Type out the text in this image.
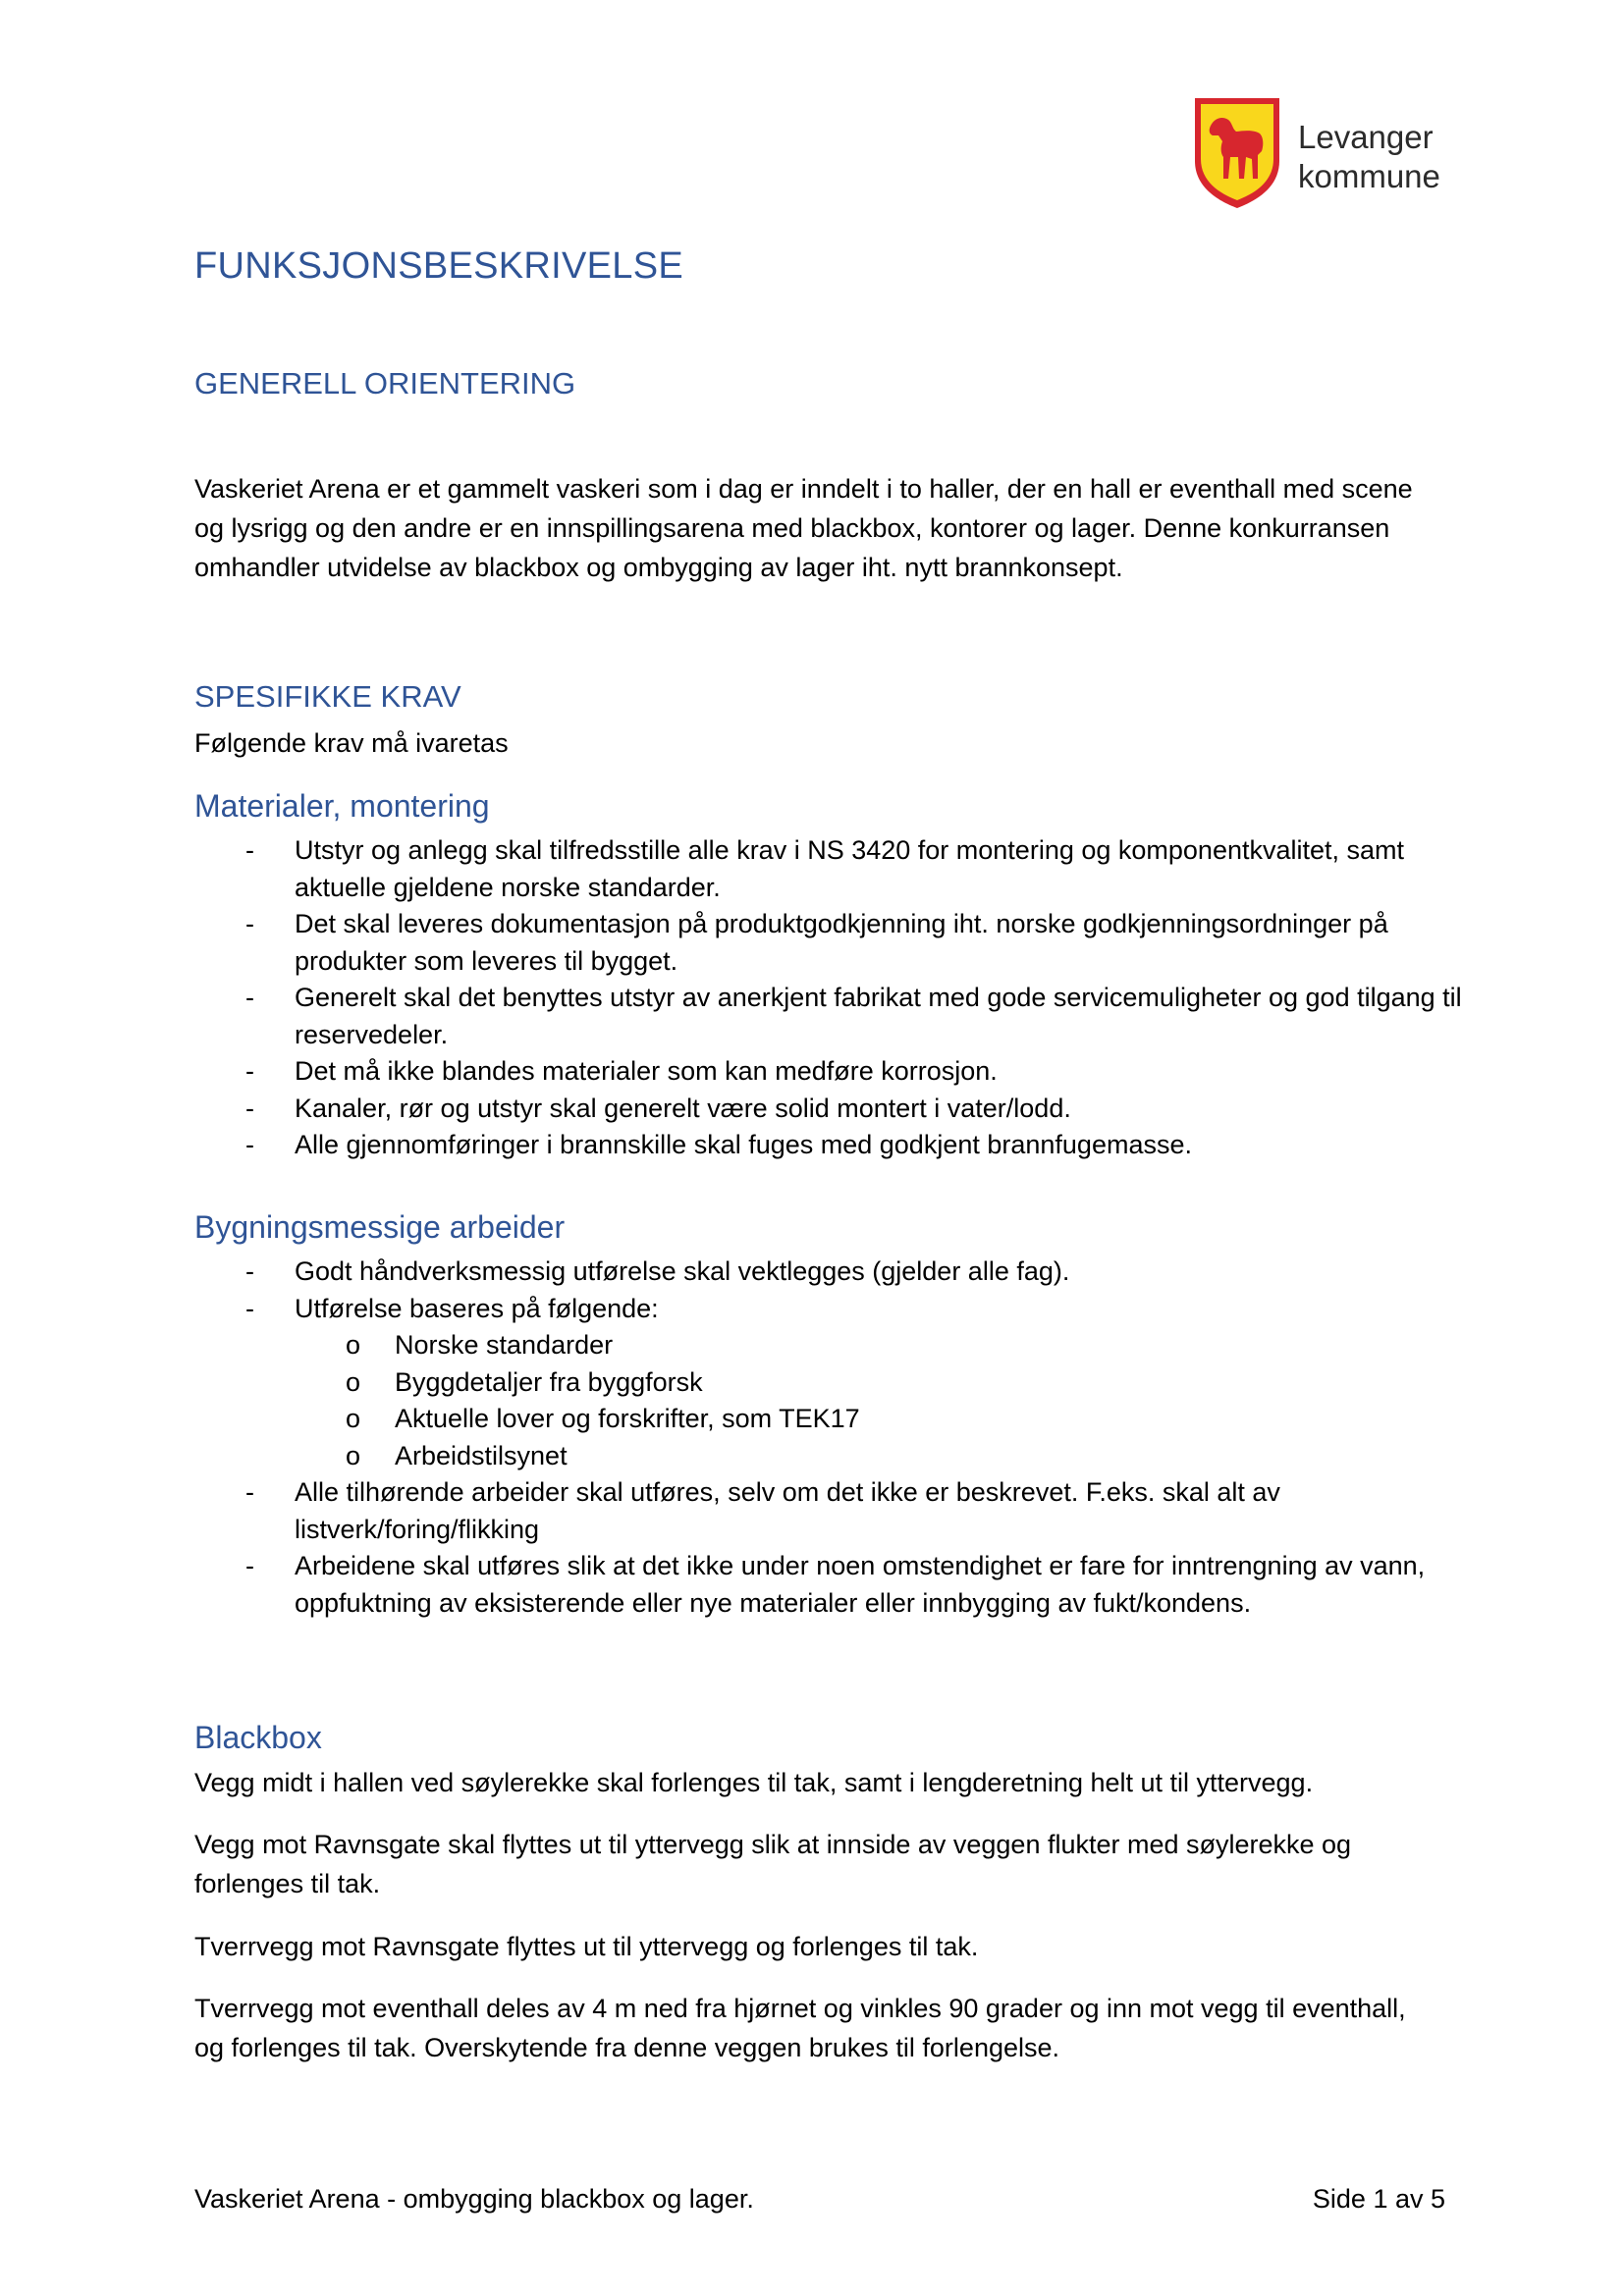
Levanger
kommune
FUNKSJONSBESKRIVELSE
GENERELL ORIENTERING
Vaskeriet Arena er et gammelt vaskeri som i dag er inndelt i to haller, der en hall er eventhall med scene og lysrigg og den andre er en innspillingsarena med blackbox, kontorer og lager. Denne konkurransen omhandler utvidelse av blackbox og ombygging av lager iht. nytt brannkonsept.
SPESIFIKKE KRAV
Følgende krav må ivaretas
Materialer, montering
- Utstyr og anlegg skal tilfredsstille alle krav i NS 3420 for montering og komponentkvalitet, samt aktuelle gjeldene norske standarder.
- Det skal leveres dokumentasjon på produktgodkjenning iht. norske godkjenningsordninger på produkter som leveres til bygget.
- Generelt skal det benyttes utstyr av anerkjent fabrikat med gode servicemuligheter og god tilgang til reservedeler.
- Det må ikke blandes materialer som kan medføre korrosjon.
- Kanaler, rør og utstyr skal generelt være solid montert i vater/lodd.
- Alle gjennomføringer i brannskille skal fuges med godkjent brannfugemasse.
Bygningsmessige arbeider
- Godt håndverksmessig utførelse skal vektlegges (gjelder alle fag).
- Utførelse baseres på følgende:
o Norske standarder
o Byggdetaljer fra byggforsk
o Aktuelle lover og forskrifter, som TEK17
o Arbeidstilsynet
- Alle tilhørende arbeider skal utføres, selv om det ikke er beskrevet. F.eks. skal alt av listverk/foring/flikking
- Arbeidene skal utføres slik at det ikke under noen omstendighet er fare for inntrengning av vann, oppfuktning av eksisterende eller nye materialer eller innbygging av fukt/kondens.
Blackbox
Vegg midt i hallen ved søylerekke skal forlenges til tak, samt i lengderetning helt ut til yttervegg.
Vegg mot Ravnsgate skal flyttes ut til yttervegg slik at innside av veggen flukter med søylerekke og forlenges til tak.
Tverrvegg mot Ravnsgate flyttes ut til yttervegg og forlenges til tak.
Tverrvegg mot eventhall deles av 4 m ned fra hjørnet og vinkles 90 grader og inn mot vegg til eventhall, og forlenges til tak. Overskytende fra denne veggen brukes til forlengelse.
Vaskeriet Arena - ombygging blackbox og lager.	Side 1 av 5
